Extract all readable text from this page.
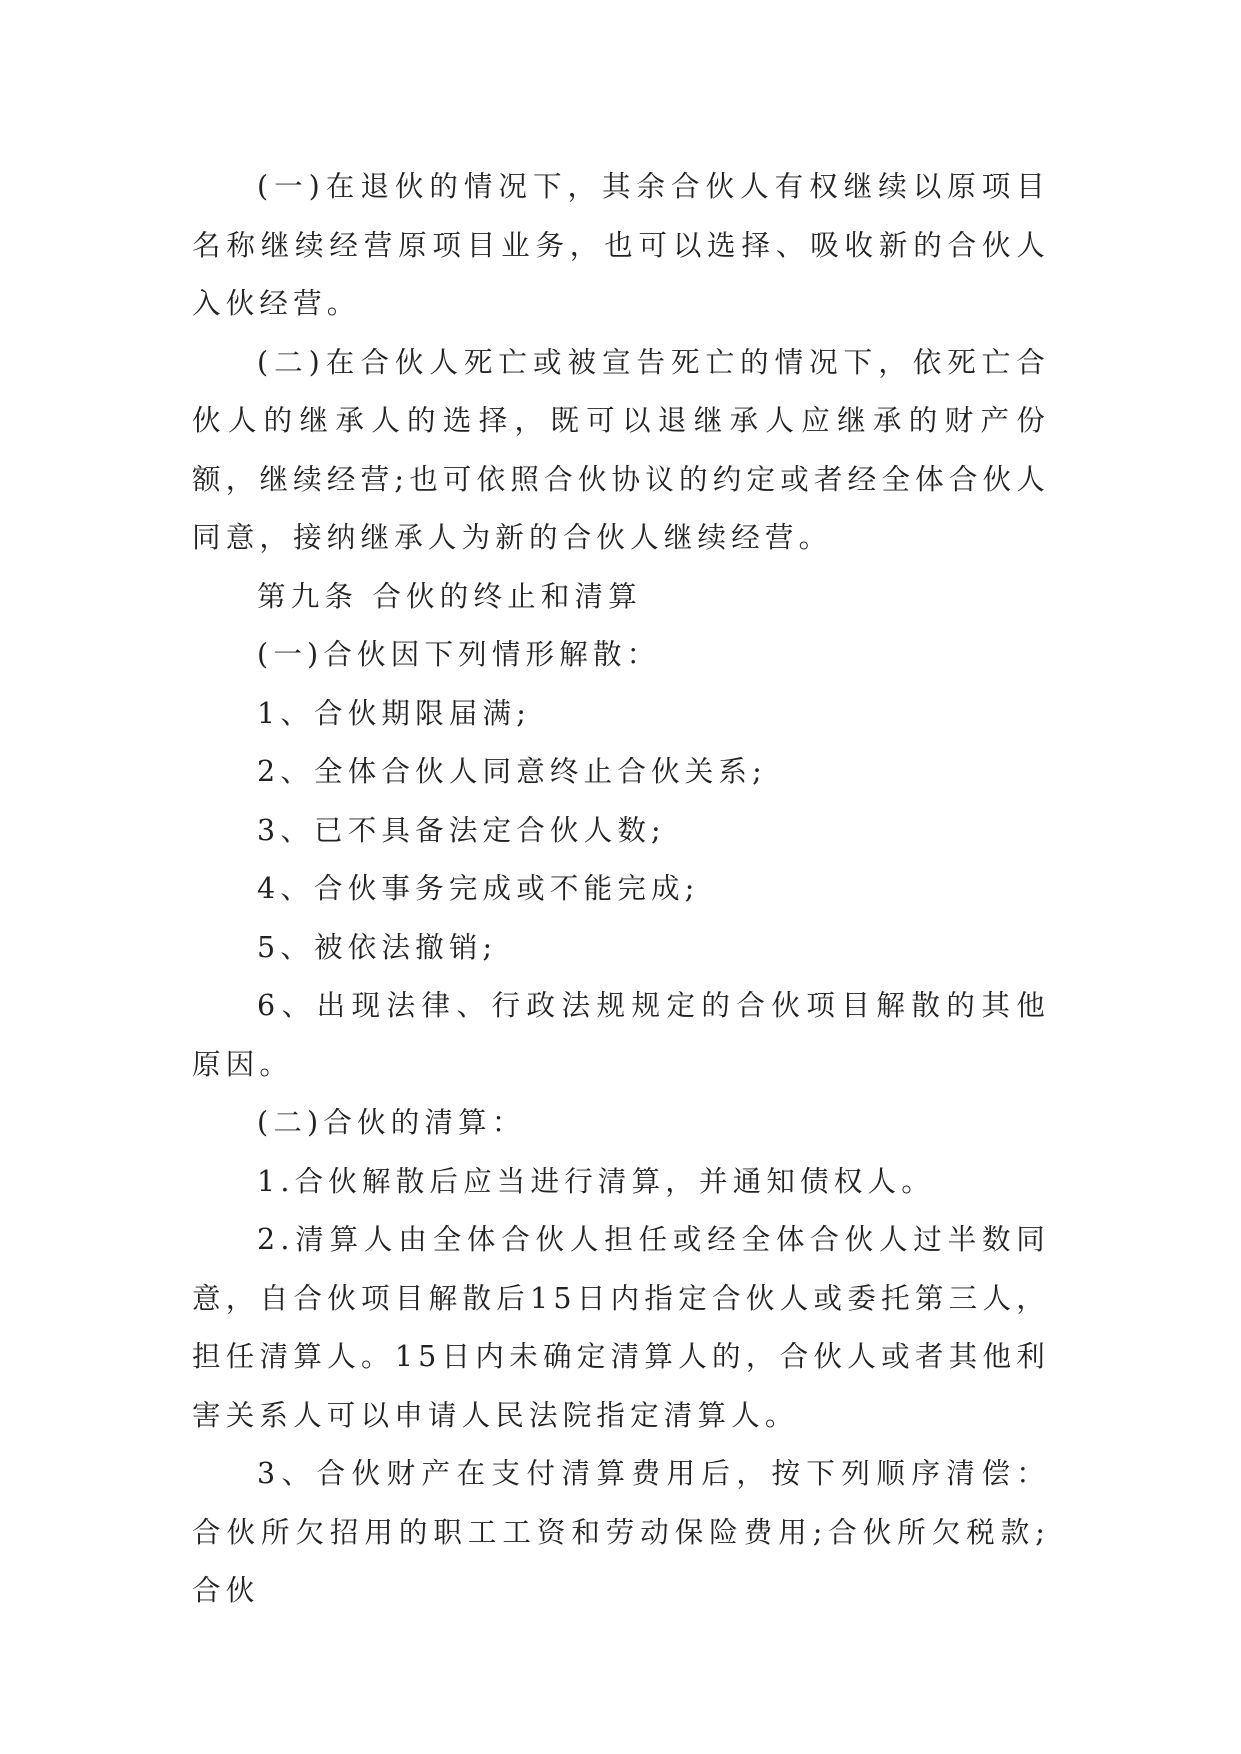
(一)在退伙的情况下，其余合伙人有权继续以原项目名称继续经营原项目业务，也可以选择、吸收新的合伙人入伙经营。

(二)在合伙人死亡或被宣告死亡的情况下，依死亡合伙人的继承人的选择，既可以退继承人应继承的财产份额，继续经营;也可依照合伙协议的约定或者经全体合伙人同意，接纳继承人为新的合伙人继续经营。

第九条 合伙的终止和清算

(一)合伙因下列情形解散：

1、合伙期限届满;

2、全体合伙人同意终止合伙关系;

3、已不具备法定合伙人数;

4、合伙事务完成或不能完成;

5、被依法撤销;

6、出现法律、行政法规规定的合伙项目解散的其他原因。

(二)合伙的清算：

1.合伙解散后应当进行清算，并通知债权人。

2.清算人由全体合伙人担任或经全体合伙人过半数同意，自合伙项目解散后15日内指定合伙人或委托第三人，担任清算人。15日内未确定清算人的，合伙人或者其他利害关系人可以申请人民法院指定清算人。

3、合伙财产在支付清算费用后，按下列顺序清偿：合伙所欠招用的职工工资和劳动保险费用;合伙所欠税款;合伙
